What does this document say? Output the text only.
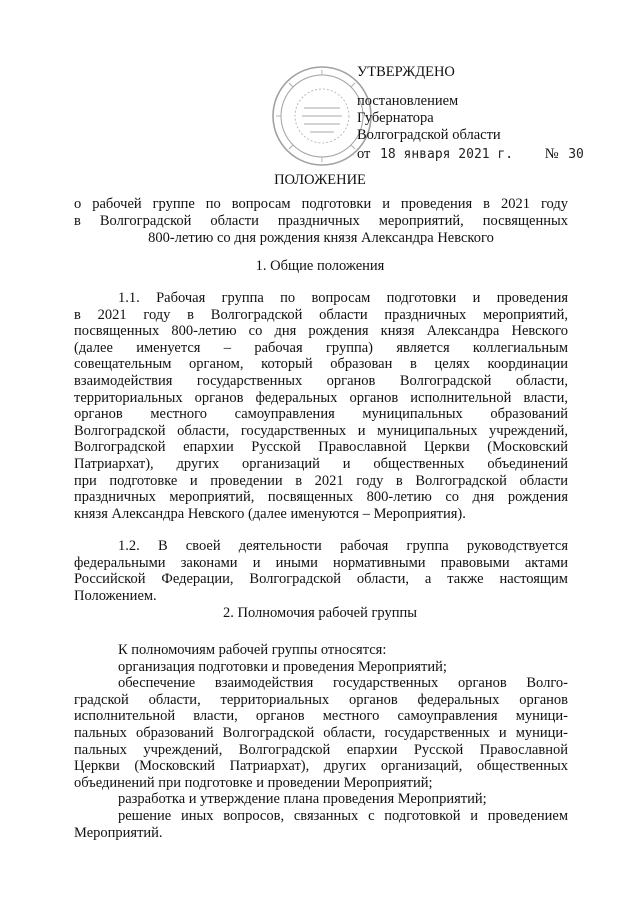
УТВЕРЖДЕНО
постановлением
Губернатора
Волгоградской области
от 18 января 2021 г. № 30
ПОЛОЖЕНИЕ
о рабочей группе по вопросам подготовки и проведения в 2021 году
в Волгоградской области праздничных мероприятий, посвященных
800-летию со дня рождения князя Александра Невского
1. Общие положения
1.1. Рабочая группа по вопросам подготовки и проведения
в 2021 году в Волгоградской области праздничных мероприятий,
посвященных 800-летию со дня рождения князя Александра Невского
(далее именуется – рабочая группа) является коллегиальным
совещательным органом, который образован в целях координации
взаимодействия государственных органов Волгоградской области,
территориальных органов федеральных органов исполнительной власти,
органов местного самоуправления муниципальных образований
Волгоградской области, государственных и муниципальных учреждений,
Волгоградской епархии Русской Православной Церкви (Московский
Патриархат), других организаций и общественных объединений
при подготовке и проведении в 2021 году в Волгоградской области
праздничных мероприятий, посвященных 800-летию со дня рождения
князя Александра Невского (далее именуются – Мероприятия).
1.2. В своей деятельности рабочая группа руководствуется
федеральными законами и иными нормативными правовыми актами
Российской Федерации, Волгоградской области, а также настоящим
Положением.
2. Полномочия рабочей группы
К полномочиям рабочей группы относятся:
организация подготовки и проведения Мероприятий;
обеспечение взаимодействия государственных органов Волго-
градской области, территориальных органов федеральных органов
исполнительной власти, органов местного самоуправления муници-
пальных образований Волгоградской области, государственных и муници-
пальных учреждений, Волгоградской епархии Русской Православной
Церкви (Московский Патриархат), других организаций, общественных
объединений при подготовке и проведении Мероприятий;
разработка и утверждение плана проведения Мероприятий;
решение иных вопросов, связанных с подготовкой и проведением
Мероприятий.
